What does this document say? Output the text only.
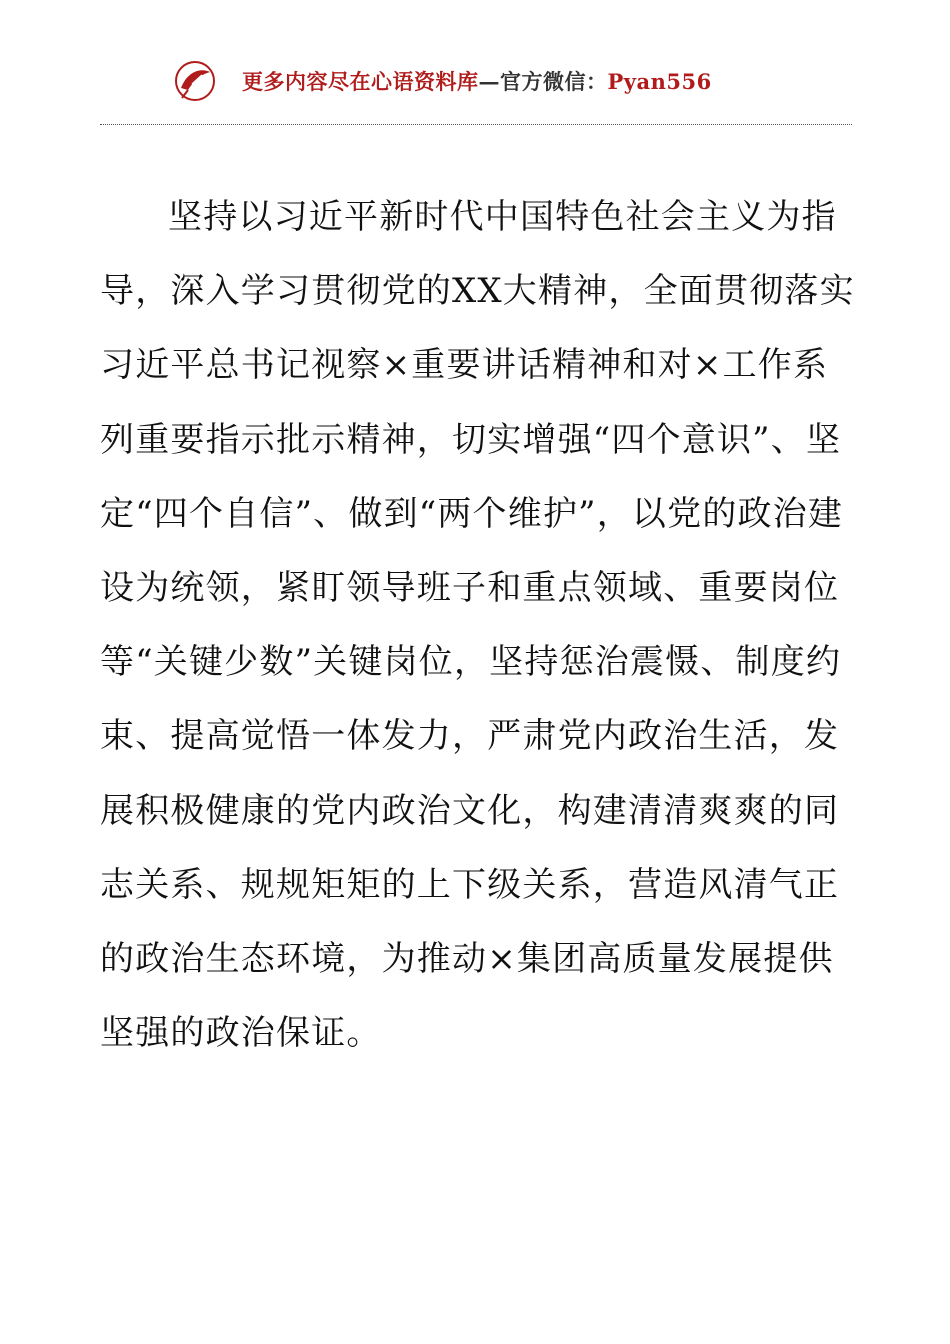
更多内容尽在心语资料库—官方微信：Pyan556

坚持以习近平新时代中国特色社会主义为指导，深入学习贯彻党的XX大精神，全面贯彻落实习近平总书记视察×重要讲话精神和对×工作系列重要指示批示精神，切实增强“四个意识”、坚定“四个自信”、做到“两个维护”，以党的政治建设为统领，紧盯领导班子和重点领域、重要岗位等“关键少数”关键岗位，坚持惩治震慑、制度约束、提高觉悟一体发力，严肃党内政治生活，发展积极健康的党内政治文化，构建清清爽爽的同志关系、规规矩矩的上下级关系，营造风清气正的政治生态环境，为推动×集团高质量发展提供坚强的政治保证。
